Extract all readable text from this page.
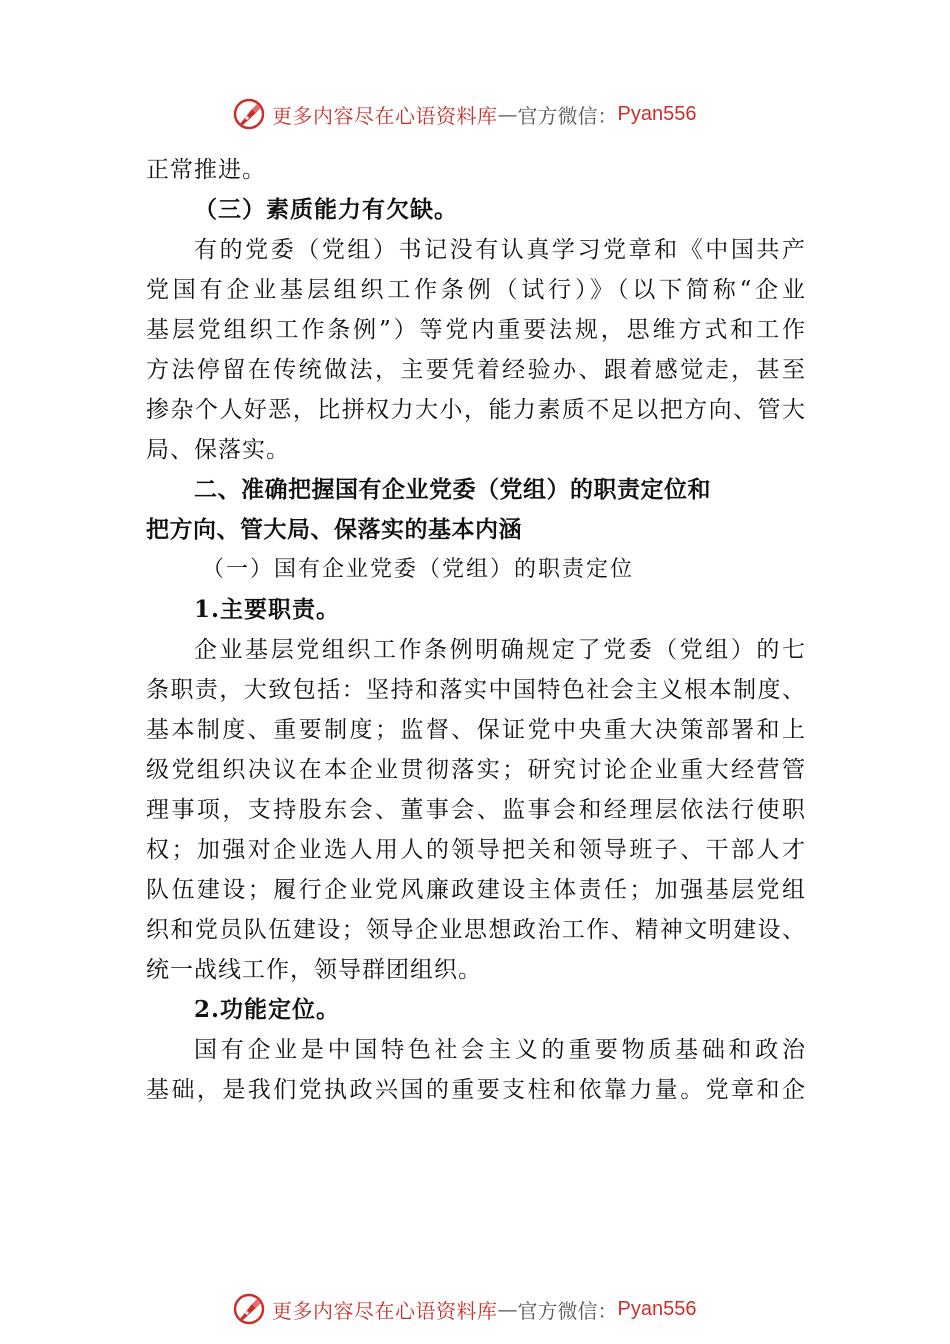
更多内容尽在心语资料库 — 官方微信： Pyan556
正常推进。
（三）素质能力有欠缺。
有的党委（党组）书记没有认真学习党章和《中国共产
党国有企业基层组织工作条例（试行）》（以下简称“企业
基层党组织工作条例”）等党内重要法规，思维方式和工作
方法停留在传统做法，主要凭着经验办、跟着感觉走，甚至
掺杂个人好恶，比拼权力大小，能力素质不足以把方向、管大
局、保落实。
二、准确把握国有企业党委（党组）的职责定位和
把方向、管大局、保落实的基本内涵
（一）国有企业党委（党组）的职责定位
1.主要职责。
企业基层党组织工作条例明确规定了党委（党组）的七
条职责，大致包括：坚持和落实中国特色社会主义根本制度、
基本制度、重要制度；监督、保证党中央重大决策部署和上
级党组织决议在本企业贯彻落实；研究讨论企业重大经营管
理事项，支持股东会、董事会、监事会和经理层依法行使职
权；加强对企业选人用人的领导把关和领导班子、干部人才
队伍建设；履行企业党风廉政建设主体责任；加强基层党组
织和党员队伍建设；领导企业思想政治工作、精神文明建设、
统一战线工作，领导群团组织。
2.功能定位。
国有企业是中国特色社会主义的重要物质基础和政治
基础，是我们党执政兴国的重要支柱和依靠力量。党章和企
更多内容尽在心语资料库 — 官方微信： Pyan556
